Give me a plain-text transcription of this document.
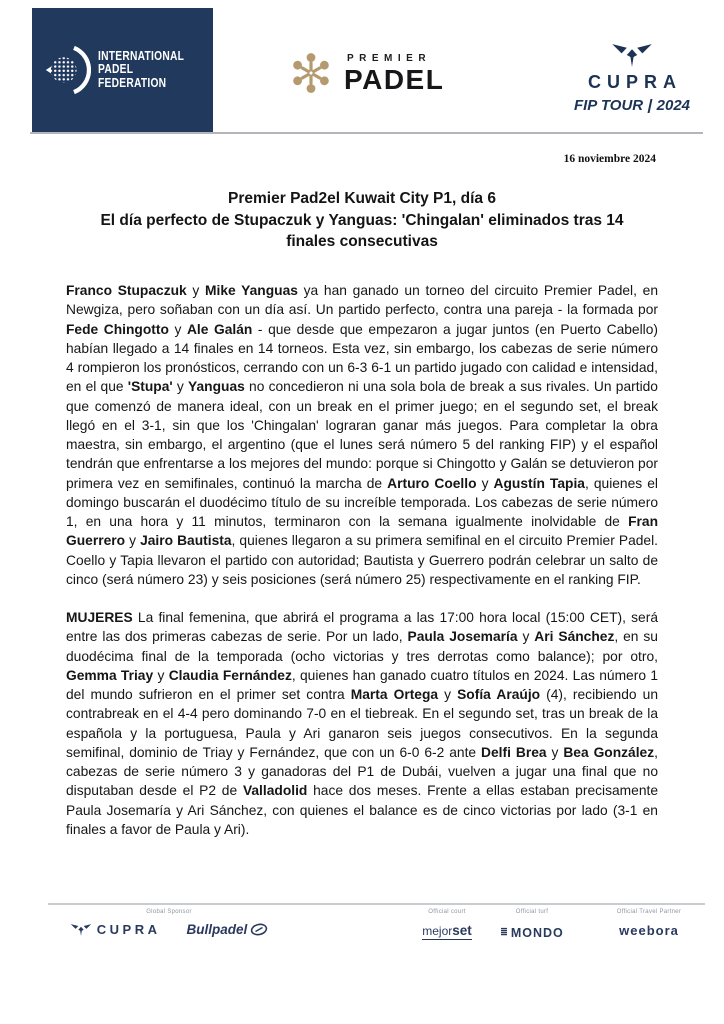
INTERNATIONAL
PADEL
FEDERATION
PREMIER
PADEL	CUPRA
FIP TOUR 2024
16 noviembre 2024
Premier Pad2el Kuwait City P1, día 6
El día perfecto de Stupaczuk y Yanguas: 'Chingalan' eliminados tras 14
finales consecutivas

Franco Stupaczuk y Mike Yanguas ya han ganado un torneo del circuito Premier Padel, en Newgiza, pero soñaban con un día así. Un partido perfecto, contra una pareja - la formada por Fede Chingotto y Ale Galán - que desde que empezaron a jugar juntos (en Puerto Cabello) habían llegado a 14 finales en 14 torneos. Esta vez, sin embargo, los cabezas de serie número 4 rompieron los pronósticos, cerrando con un 6-3 6-1 un partido jugado con calidad e intensidad, en el que 'Stupa' y Yanguas no concedieron ni una sola bola de break a sus rivales. Un partido que comenzó de manera ideal, con un break en el primer juego; en el segundo set, el break llegó en el 3-1, sin que los 'Chingalan' lograran ganar más juegos. Para completar la obra maestra, sin embargo, el argentino (que el lunes será número 5 del ranking FIP) y el español tendrán que enfrentarse a los mejores del mundo: porque si Chingotto y Galán se detuvieron por primera vez en semifinales, continuó la marcha de Arturo Coello y Agustín Tapia, quienes el domingo buscarán el duodécimo título de su increíble temporada. Los cabezas de serie número 1, en una hora y 11 minutos, terminaron con la semana igualmente inolvidable de Fran Guerrero y Jairo Bautista, quienes llegaron a su primera semifinal en el circuito Premier Padel. Coello y Tapia llevaron el partido con autoridad; Bautista y Guerrero podrán celebrar un salto de cinco (será número 23) y seis posiciones (será número 25) respectivamente en el ranking FIP.

MUJERES La final femenina, que abrirá el programa a las 17:00 hora local (15:00 CET), será entre las dos primeras cabezas de serie. Por un lado, Paula Josemaría y Ari Sánchez, en su duodécima final de la temporada (ocho victorias y tres derrotas como balance); por otro, Gemma Triay y Claudia Fernández, quienes han ganado cuatro títulos en 2024. Las número 1 del mundo sufrieron en el primer set contra Marta Ortega y Sofía Araújo (4), recibiendo un contrabreak en el 4-4 pero dominando 7-0 en el tiebreak. En el segundo set, tras un break de la española y la portuguesa, Paula y Ari ganaron seis juegos consecutivos. En la segunda semifinal, dominio de Triay y Fernández, que con un 6-0 6-2 ante Delfi Brea y Bea González, cabezas de serie número 3 y ganadoras del P1 de Dubái, vuelven a jugar una final que no disputaban desde el P2 de Valladolid hace dos meses. Frente a ellas estaban precisamente Paula Josemaría y Ari Sánchez, con quienes el balance es de cinco victorias por lado (3-1 en finales a favor de Paula y Ari).

Global Sponsor
CUPRA Bullpadel
Official court
mejorset
Official turf
≣ MONDO
Official Travel Partner
weebora
